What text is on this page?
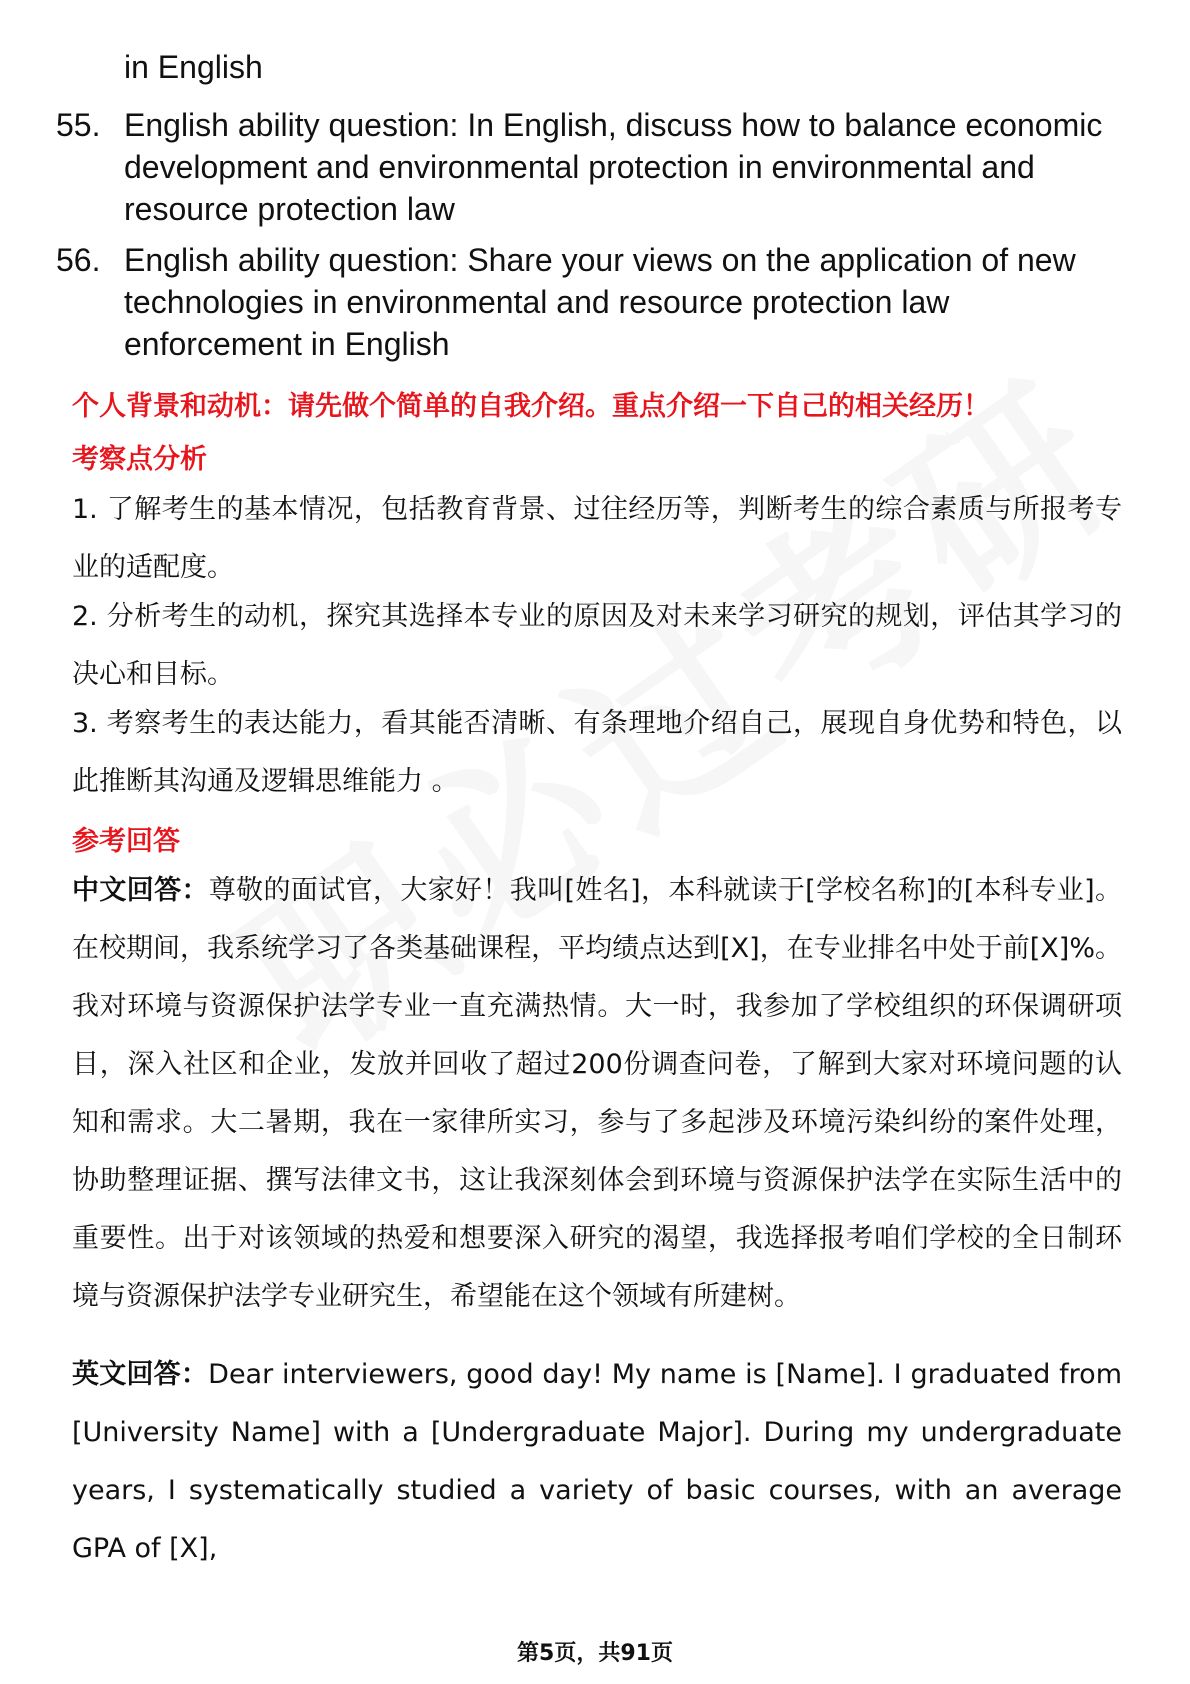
in English
55. English ability question: In English, discuss how to balance economic development and environmental protection in environmental and resource protection law
56. English ability question: Share your views on the application of new technologies in environmental and resource protection law enforcement in English
个人背景和动机：请先做个简单的自我介绍。重点介绍一下自己的相关经历！
考察点分析
1. 了解考生的基本情况，包括教育背景、过往经历等，判断考生的综合素质与所报考专业的适配度。
2. 分析考生的动机，探究其选择本专业的原因及对未来学习研究的规划，评估其学习的决心和目标。
3. 考察考生的表达能力，看其能否清晰、有条理地介绍自己，展现自身优势和特色，以此推断其沟通及逻辑思维能力 。
参考回答
中文回答：尊敬的面试官，大家好！我叫[姓名]，本科就读于[学校名称]的[本科专业]。在校期间，我系统学习了各类基础课程，平均绩点达到[X]，在专业排名中处于前[X]%。我对环境与资源保护法学专业一直充满热情。大一时，我参加了学校组织的环保调研项目，深入社区和企业，发放并回收了超过200份调查问卷，了解到大家对环境问题的认知和需求。大二暑期，我在一家律所实习，参与了多起涉及环境污染纠纷的案件处理，协助整理证据、撰写法律文书，这让我深刻体会到环境与资源保护法学在实际生活中的重要性。出于对该领域的热爱和想要深入研究的渴望，我选择报考咱们学校的全日制环境与资源保护法学专业研究生，希望能在这个领域有所建树。
英文回答：Dear interviewers, good day! My name is [Name]. I graduated from [University Name] with a [Undergraduate Major]. During my undergraduate years, I systematically studied a variety of basic courses, with an average GPA of [X],
第5页，共91页
